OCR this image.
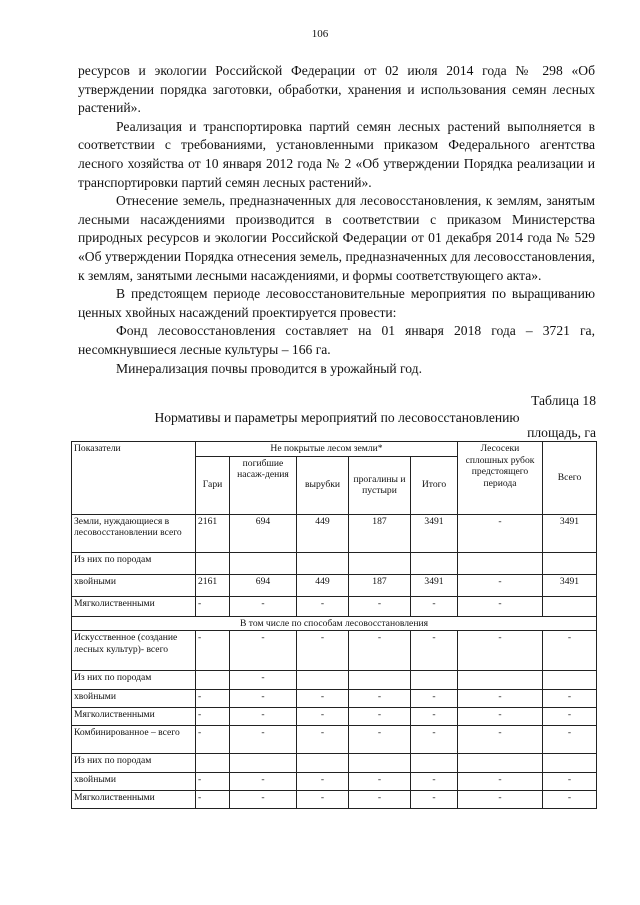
106

ресурсов и экологии Российской Федерации от 02 июля 2014 года № 298 «Об утверждении порядка заготовки, обработки, хранения и использования семян лесных растений».

Реализация и транспортировка партий семян лесных растений выполняется в соответствии с требованиями, установленными приказом Федерального агентства лесного хозяйства от 10 января 2012 года № 2 «Об утверждении Порядка реализации и транспортировки партий семян лесных растений».

Отнесение земель, предназначенных для лесовосстановления, к землям, занятым лесными насаждениями производится в соответствии с приказом Министерства природных ресурсов и экологии Российской Федерации от 01 декабря 2014 года № 529 «Об утверждении Порядка отнесения земель, предназначенных для лесовосстановления, к землям, занятыми лесными насаждениями, и формы соответствующего акта».

В предстоящем периоде лесовосстановительные мероприятия по выращиванию ценных хвойных насаждений проектируется провести:

Фонд лесовосстановления составляет на 01 января 2018 года – 3721 га, несомкнувшиеся лесные культуры – 166 га.

Минерализация почвы проводится в урожайный год.

Таблица 18
Нормативы и параметры мероприятий по лесовосстановлению
площадь, га
Показатели	Не покрытые лесом земли*					Лесосеки сплошных рубок предстоящего периода	Всего
	Гари	погибшие насаж-дения	вырубки	прогалины и пустыри	Итого		
Земли, нуждающиеся в лесовосстановлении всего	2161	694	449	187	3491	-	3491
Из них по породам							
хвойными	2161	694	449	187	3491	-	3491
Мягколиственными	-	-	-	-	-	-	
В том числе по способам лесовосстановления							
Искусственное (создание лесных культур)- всего	-	-	-	-	-	-	-
Из них по породам		-					
хвойными	-	-	-	-	-	-	-
Мягколиственными	-	-	-	-	-	-	-
Комбинированное – всего	-	-	-	-	-	-	-
Из них по породам							
хвойными	-	-	-	-	-	-	-
Мягколиственными	-	-	-	-	-	-	-
